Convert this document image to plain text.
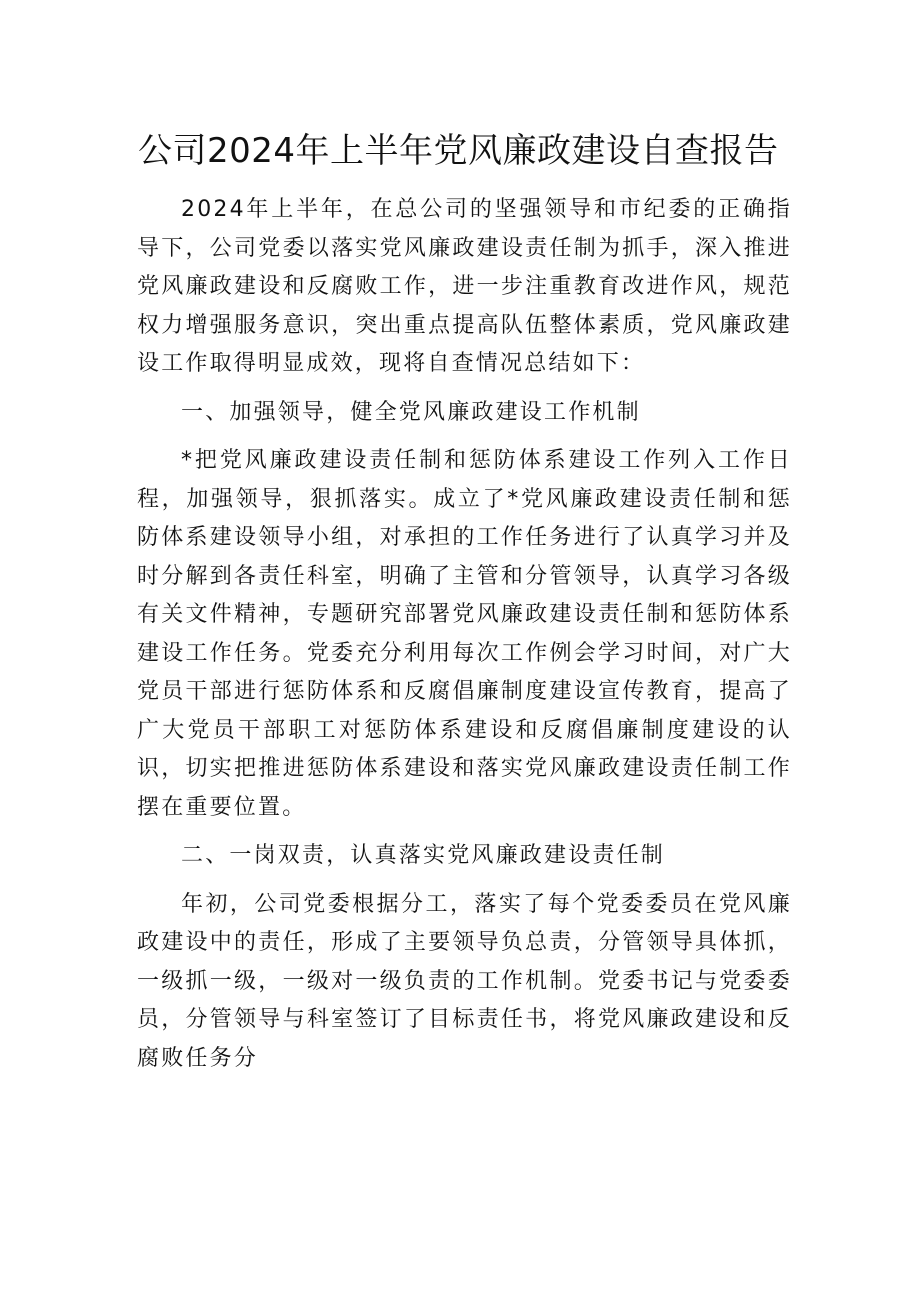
公司2024年上半年党风廉政建设自查报告

2024年上半年，在总公司的坚强领导和市纪委的正确指导下，公司党委以落实党风廉政建设责任制为抓手，深入推进党风廉政建设和反腐败工作，进一步注重教育改进作风，规范权力增强服务意识，突出重点提高队伍整体素质，党风廉政建设工作取得明显成效，现将自查情况总结如下：

一、加强领导，健全党风廉政建设工作机制

*把党风廉政建设责任制和惩防体系建设工作列入工作日程，加强领导，狠抓落实。成立了*党风廉政建设责任制和惩防体系建设领导小组，对承担的工作任务进行了认真学习并及时分解到各责任科室，明确了主管和分管领导，认真学习各级有关文件精神，专题研究部署党风廉政建设责任制和惩防体系建设工作任务。党委充分利用每次工作例会学习时间，对广大党员干部进行惩防体系和反腐倡廉制度建设宣传教育，提高了广大党员干部职工对惩防体系建设和反腐倡廉制度建设的认识，切实把推进惩防体系建设和落实党风廉政建设责任制工作摆在重要位置。

二、一岗双责，认真落实党风廉政建设责任制

年初，公司党委根据分工，落实了每个党委委员在党风廉政建设中的责任，形成了主要领导负总责，分管领导具体抓，一级抓一级，一级对一级负责的工作机制。党委书记与党委委员，分管领导与科室签订了目标责任书，将党风廉政建设和反腐败任务分
